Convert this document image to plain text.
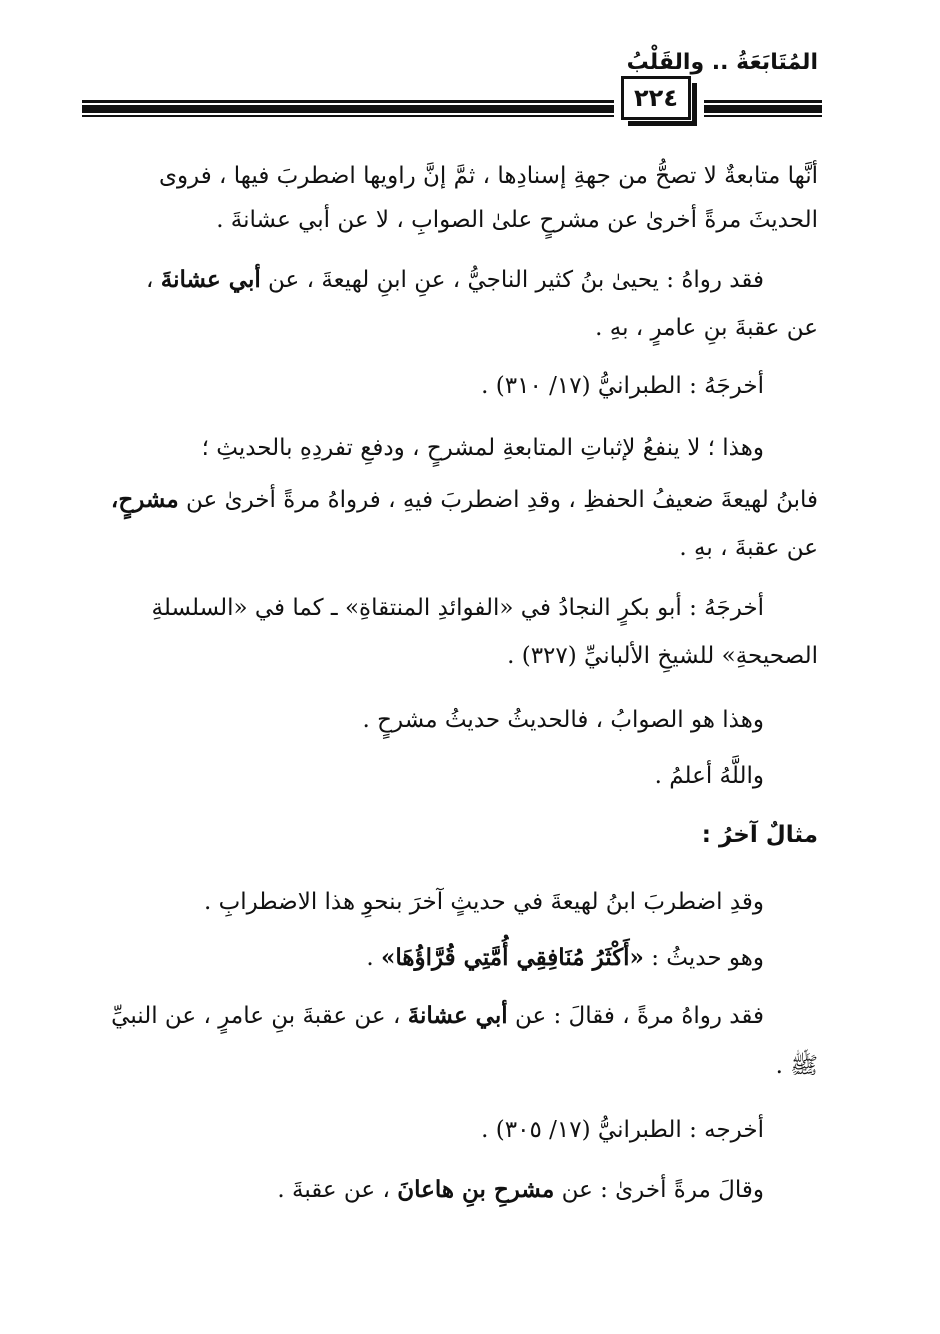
المُتَابَعَةُ .. والقَلْبُ
٢٢٤
أنَّها متابعةٌ لا تصحُّ من جهةِ إسنادِها ، ثمَّ إنَّ راويها اضطربَ فيها ، فروى
الحديثَ مرةً أخرىٰ عن مشرحٍ علىٰ الصوابِ ، لا عن أبي عشانةَ .
فقد رواهُ : يحيىٰ بنُ كثير الناجيُّ ، عنِ ابنِ لهيعةَ ، عن أبي عشانةَ ،
عن عقبةَ بنِ عامرٍ ، بهِ .
أخرجَهُ : الطبرانيُّ (١٧/ ٣١٠) .
وهذا ؛ لا ينفعُ لإثباتِ المتابعةِ لمشرحٍ ، ودفعِ تفردِهِ بالحديثِ ؛
فابنُ لهيعةَ ضعيفُ الحفظِ ، وقدِ اضطربَ فيهِ ، فرواهُ مرةً أخرىٰ عن مشرحٍ،
عن عقبةَ ، بهِ .
أخرجَهُ : أبو بكرٍ النجادُ في «الفوائدِ المنتقاةِ» ـ كما في «السلسلةِ
الصحيحةِ» للشيخِ الألبانيِّ (٣٢٧) .
وهذا هو الصوابُ ، فالحديثُ حديثُ مشرحٍ .
واللَّهُ أعلمُ .
مثالٌ آخرُ :
وقدِ اضطربَ ابنُ لهيعةَ في حديثٍ آخرَ بنحوِ هذا الاضطرابِ .
وهو حديثُ : «أَكْثَرُ مُنَافِقِي أُمَّتِي قُرَّاؤُهَا» .
فقد رواهُ مرةً ، فقالَ : عن أبي عشانةَ ، عن عقبةَ بنِ عامرٍ ، عن النبيِّ
ﷺ .
أخرجه : الطبرانيُّ (١٧/ ٣٠٥) .
وقالَ مرةً أخرىٰ : عن مشرحِ بنِ هاعانَ ، عن عقبةَ .
